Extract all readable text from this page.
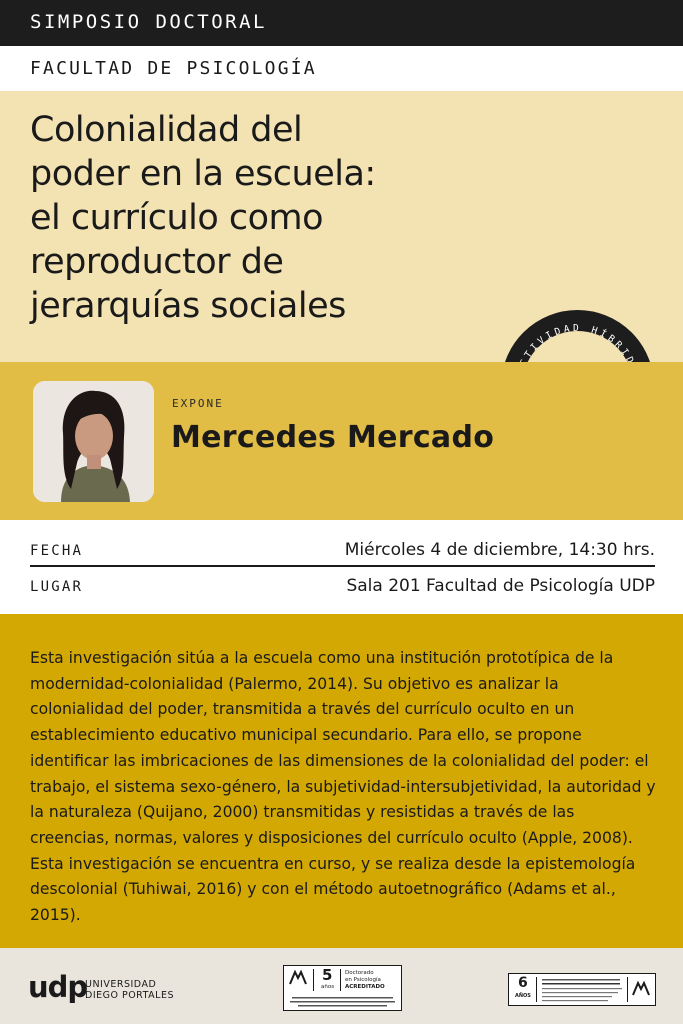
SIMPOSIO DOCTORAL
FACULTAD DE PSICOLOGÍA
Colonialidad del
poder en la escuela:
el currículo como
reproductor de
jerarquías sociales
TIVIDAD HÍBRI
EXPONE
Mercedes Mercado
FECHA	Miércoles 4 de diciembre, 14:30 hrs.
LUGAR	Sala 201 Facultad de Psicología UDP

Esta investigación sitúa a la escuela como una institución prototípica de la modernidad-colonialidad (Palermo, 2014). Su objetivo es analizar la colonialidad del poder, transmitida a través del currículo oculto en un establecimiento educativo municipal secundario. Para ello, se propone identificar las imbricaciones de las dimensiones de la colonialidad del poder: el trabajo, el sistema sexo-género, la subjetividad-intersubjetividad, la autoridad y la naturaleza (Quijano, 2000) transmitidas y resistidas a través de las creencias, normas, valores y disposiciones del currículo oculto (Apple, 2008). Esta investigación se encuentra en curso, y se realiza desde la epistemología descolonial (Tuhiwai, 2016) y con el método autoetnográfico (Adams et al., 2015).

udp
UNIVERSIDAD
DIEGO PORTALES
5
años
Doctorado
en Psicología
ACREDITADO	6
AÑOS
